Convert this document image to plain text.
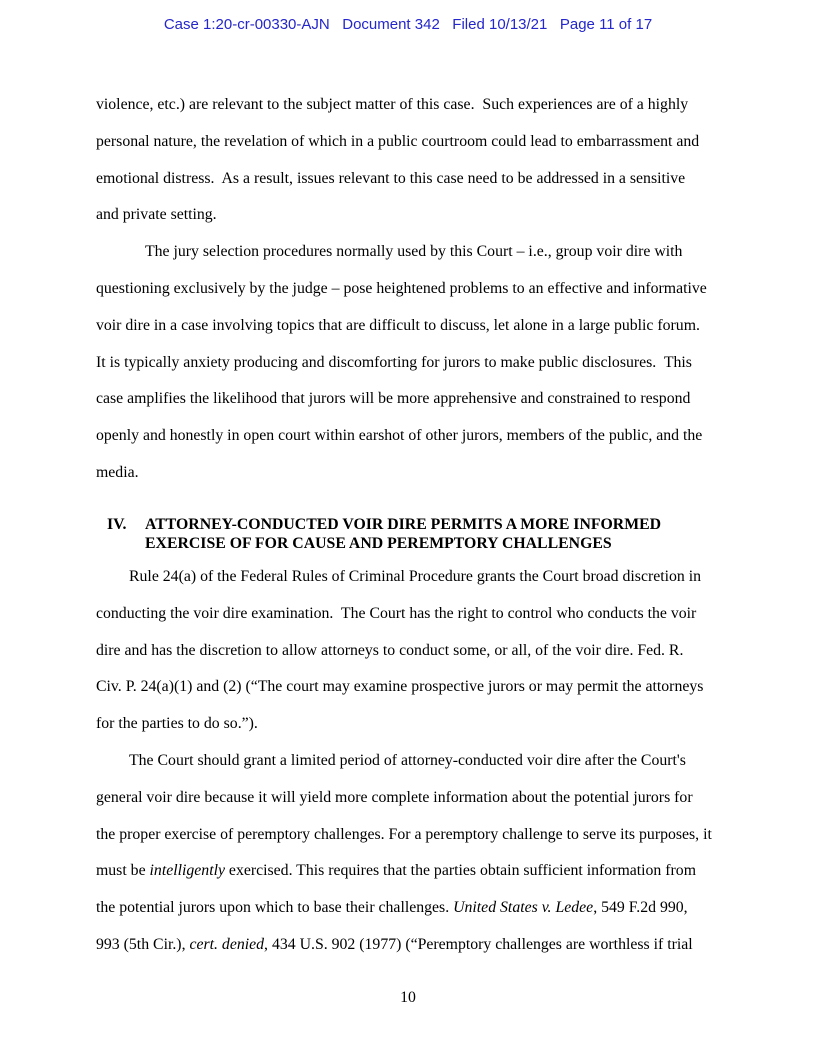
Case 1:20-cr-00330-AJN   Document 342   Filed 10/13/21   Page 11 of 17
violence, etc.) are relevant to the subject matter of this case.  Such experiences are of a highly
personal nature, the revelation of which in a public courtroom could lead to embarrassment and
emotional distress.  As a result, issues relevant to this case need to be addressed in a sensitive
and private setting.
The jury selection procedures normally used by this Court – i.e., group voir dire with
questioning exclusively by the judge – pose heightened problems to an effective and informative
voir dire in a case involving topics that are difficult to discuss, let alone in a large public forum.
It is typically anxiety producing and discomforting for jurors to make public disclosures.  This
case amplifies the likelihood that jurors will be more apprehensive and constrained to respond
openly and honestly in open court within earshot of other jurors, members of the public, and the
media.
IV. ATTORNEY-CONDUCTED VOIR DIRE PERMITS A MORE INFORMED
EXERCISE OF FOR CAUSE AND PEREMPTORY CHALLENGES
Rule 24(a) of the Federal Rules of Criminal Procedure grants the Court broad discretion in
conducting the voir dire examination.  The Court has the right to control who conducts the voir
dire and has the discretion to allow attorneys to conduct some, or all, of the voir dire. Fed. R.
Civ. P. 24(a)(1) and (2) (“The court may examine prospective jurors or may permit the attorneys
for the parties to do so.”).
The Court should grant a limited period of attorney-conducted voir dire after the Court's
general voir dire because it will yield more complete information about the potential jurors for
the proper exercise of peremptory challenges. For a peremptory challenge to serve its purposes, it
must be intelligently exercised. This requires that the parties obtain sufficient information from
the potential jurors upon which to base their challenges. United States v. Ledee, 549 F.2d 990,
993 (5th Cir.), cert. denied, 434 U.S. 902 (1977) (“Peremptory challenges are worthless if trial
10
